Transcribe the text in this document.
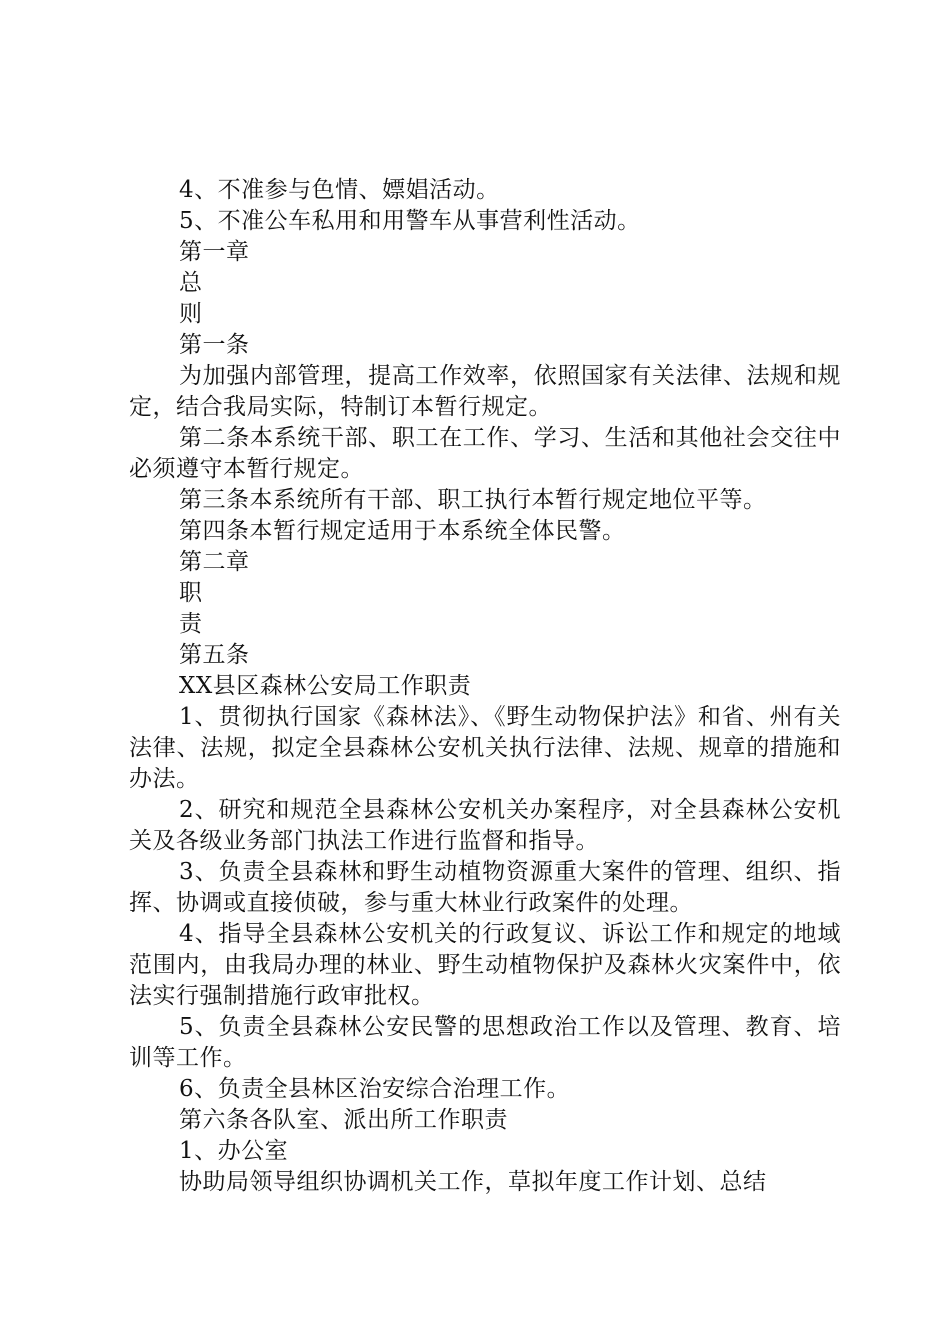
4、不准参与色情、嫖娼活动。

5、不准公车私用和用警车从事营利性活动。

第一章

总

则

第一条

为加强内部管理，提高工作效率，依照国家有关法律、法规和规定，结合我局实际，特制订本暂行规定。

第二条本系统干部、职工在工作、学习、生活和其他社会交往中必须遵守本暂行规定。

第三条本系统所有干部、职工执行本暂行规定地位平等。

第四条本暂行规定适用于本系统全体民警。

第二章

职

责

第五条

XX县区森林公安局工作职责

1、贯彻执行国家《森林法》、《野生动物保护法》和省、州有关法律、法规，拟定全县森林公安机关执行法律、法规、规章的措施和办法。

2、研究和规范全县森林公安机关办案程序，对全县森林公安机关及各级业务部门执法工作进行监督和指导。

3、负责全县森林和野生动植物资源重大案件的管理、组织、指挥、协调或直接侦破，参与重大林业行政案件的处理。

4、指导全县森林公安机关的行政复议、诉讼工作和规定的地域范围内，由我局办理的林业、野生动植物保护及森林火灾案件中，依法实行强制措施行政审批权。

5、负责全县森林公安民警的思想政治工作以及管理、教育、培训等工作。

6、负责全县林区治安综合治理工作。

第六条各队室、派出所工作职责

1、办公室

协助局领导组织协调机关工作，草拟年度工作计划、总结
